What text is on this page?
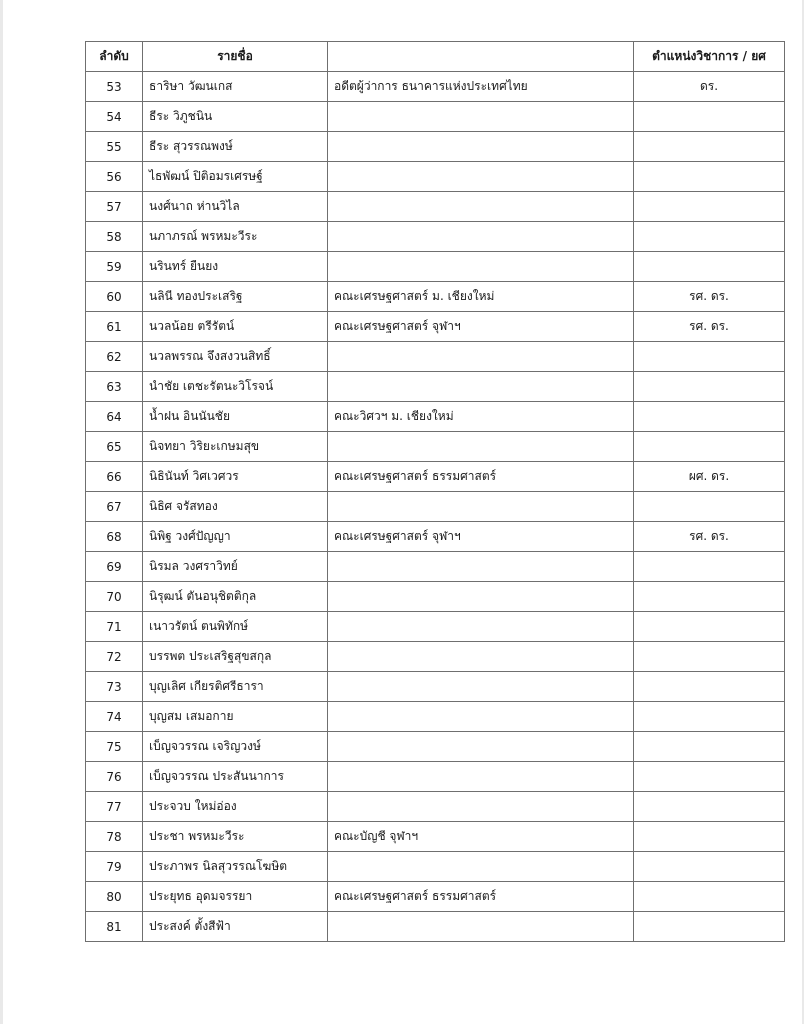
ลำดับ	รายชื่อ		ตำแหน่งวิชาการ / ยศ
53	ธาริษา วัฒนเกส	อดีตผู้ว่าการ ธนาคารแห่งประเทศไทย	ดร.
54	ธีระ วิภูชนิน		
55	ธีระ สุวรรณพงษ์		
56	ไธพัฒน์ ปิติอมรเศรษฐ์		
57	นงศ์นาถ ห่านวิไล		
58	นภาภรณ์ พรหมะวีระ		
59	นรินทร์ ยืนยง		
60	นลินี ทองประเสริฐ	คณะเศรษฐศาสตร์ ม. เชียงใหม่	รศ. ดร.
61	นวลน้อย ตรีรัตน์	คณะเศรษฐศาสตร์ จุฬาฯ	รศ. ดร.
62	นวลพรรณ จึงสงวนสิทธิ์		
63	นำชัย เตชะรัตนะวิโรจน์		
64	น้ำฝน อินนันชัย	คณะวิศวฯ ม. เชียงใหม่	
65	นิจทยา วิริยะเกษมสุข		
66	นิธินันท์ วิศเวศวร	คณะเศรษฐศาสตร์ ธรรมศาสตร์	ผศ. ดร.
67	นิธิศ จรัสทอง		
68	นิพิฐ วงศ์ปัญญา	คณะเศรษฐศาสตร์ จุฬาฯ	รศ. ดร.
69	นิรมล วงศราวิทย์		
70	นิรุฒน์ ตันอนุชิตติกุล		
71	เนาวรัตน์ ตนพิทักษ์		
72	บรรพต ประเสริฐสุขสกุล		
73	บุญเลิศ เกียรติศรีธารา		
74	บุญสม เสมอกาย		
75	เบ็ญจวรรณ เจริญวงษ์		
76	เบ็ญจวรรณ ประสันนาการ		
77	ประจวบ ใหม่อ่อง		
78	ประชา พรหมะวีระ	คณะบัญชี จุฬาฯ	
79	ประภาพร นิลสุวรรณโฆษิต		
80	ประยุทธ อุดมจรรยา	คณะเศรษฐศาสตร์ ธรรมศาสตร์	
81	ประสงค์ ตั้งสีฟ้า		
